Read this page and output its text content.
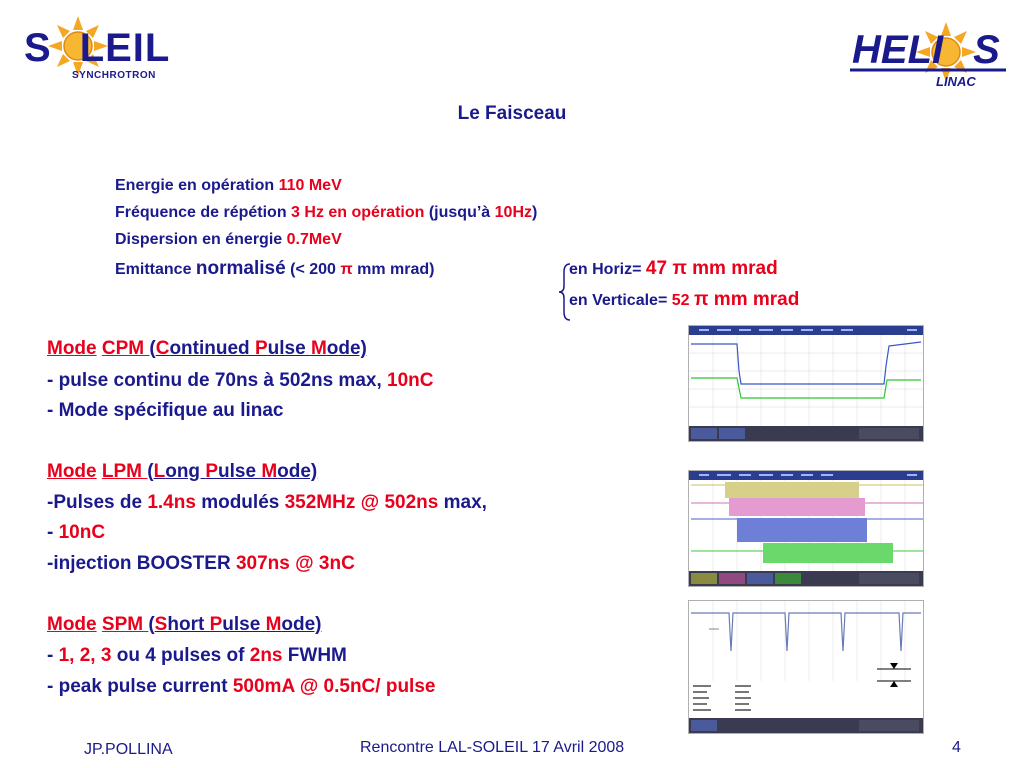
S LEIL
SYNCHROTRON
HELI S
LINAC
Le Faisceau
Energie en opération 110 MeV
Fréquence de répétion 3 Hz en opération (jusqu’à 10Hz)
Dispersion en énergie 0.7MeV
Emittance normalisé (< 200 π mm mrad)	en Horiz= 47 π mm mrad
en Verticale= 52 π mm mrad
Mode CPM (Continued Pulse Mode)
- pulse continu de 70ns à 502ns max, 10nC
- Mode spécifique au linac
Mode LPM (Long Pulse Mode)
-Pulses de 1.4ns modulés 352MHz @ 502ns max,
- 10nC
-injection BOOSTER 307ns @ 3nC
Mode SPM (Short Pulse Mode)
- 1, 2, 3 ou 4 pulses of 2ns FWHM
- peak pulse current 500mA @ 0.5nC/ pulse
JP.POLLINA	Rencontre LAL-SOLEIL 17 Avril 2008	4
